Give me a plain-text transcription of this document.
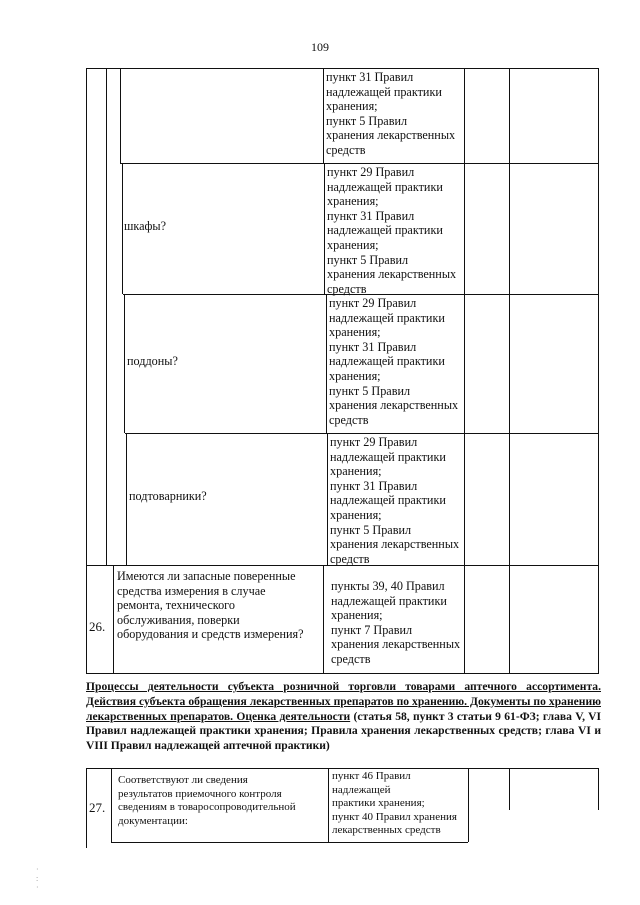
109
пункт 31 Правил
надлежащей практики
хранения;
пункт 5 Правил
хранения лекарственных
средств
шкафы?
пункт 29 Правил
надлежащей практики
хранения;
пункт 31 Правил
надлежащей практики
хранения;
пункт 5 Правил
хранения лекарственных
средств
поддоны?
пункт 29 Правил
надлежащей практики
хранения;
пункт 31 Правил
надлежащей практики
хранения;
пункт 5 Правил
хранения лекарственных
средств
подтоварники?
пункт 29 Правил
надлежащей практики
хранения;
пункт 31 Правил
надлежащей практики
хранения;
пункт 5 Правил
хранения лекарственных
средств
26.
Имеются ли запасные поверенные
средства измерения в случае
ремонта, технического
обслуживания, поверки
оборудования и средств измерения?
пункты 39, 40 Правил
надлежащей практики
хранения;
пункт 7 Правил
хранения лекарственных
средств
27.
Соответствуют ли сведения
результатов приемочного контроля
сведениям в товаросопроводительной
документации:
пункт 46 Правил
надлежащей
практики хранения;
пункт 40 Правил хранения
лекарственных средств
Процессы деятельности субъекта розничной торговли товарами аптечного ассортимента. Действия субъекта обращения лекарственных препаратов по хранению. Документы по хранению лекарственных препаратов. Оценка деятельности (статья 58, пункт 3 статьи 9 61-ФЗ; глава V, VI Правил надлежащей практики хранения; Правила хранения лекарственных средств; глава VI и VIII Правил надлежащей аптечной практики)
·
:
·
